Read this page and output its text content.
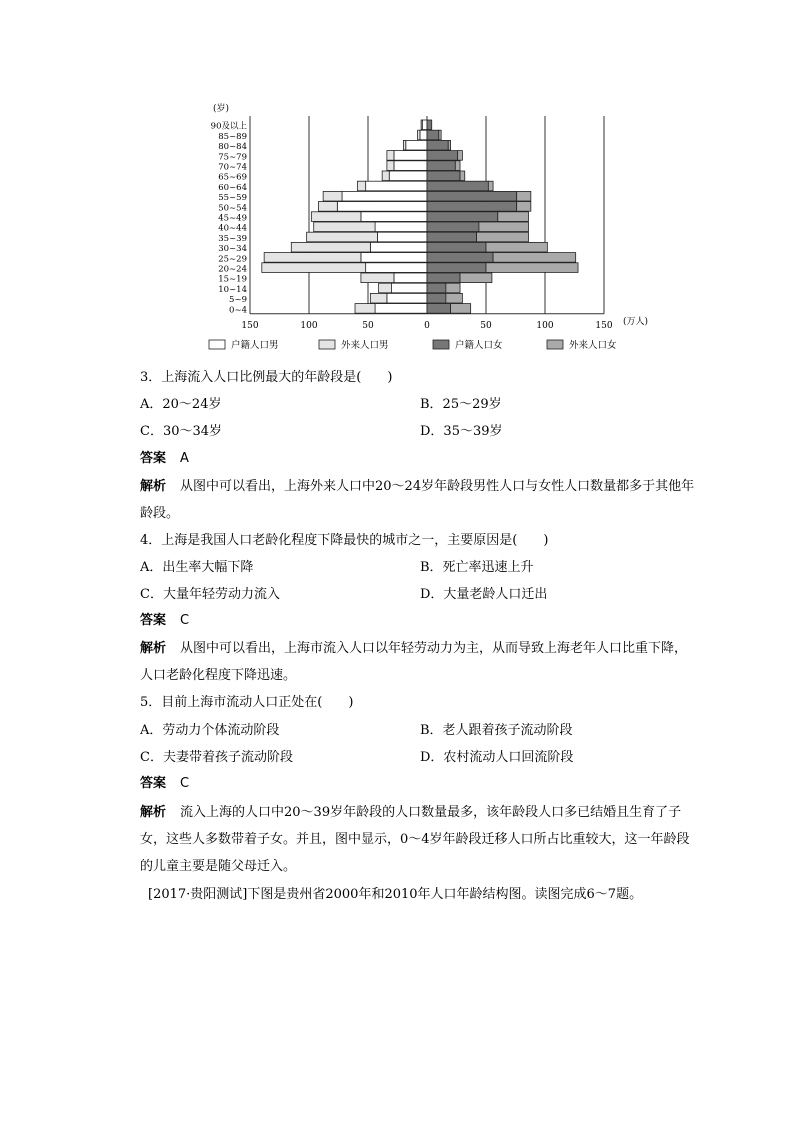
(岁)
0~4
5~9
10~14
15~19
20~24
25~29
30~34
35~39
40~44
45~49
50~54
55~59
60~64
65~69
70~74
75~79
80~84
85~89
90及以上
150	100	50	0	50	100	150 (万人)
户籍人口男	外来人口男	户籍人口女	外来人口女
3．上海流入人口比例最大的年龄段是(　　)
A．20～24岁	B．25～29岁
C．30～34岁	D．35～39岁
答案 A
解析 从图中可以看出，上海外来人口中20～24岁年龄段男性人口与女性人口数量都多于其他年龄段。
4．上海是我国人口老龄化程度下降最快的城市之一，主要原因是(　　)
A．出生率大幅下降	B．死亡率迅速上升
C．大量年轻劳动力流入	D．大量老龄人口迁出
答案 C
解析 从图中可以看出，上海市流入人口以年轻劳动力为主，从而导致上海老年人口比重下降，人口老龄化程度下降迅速。
5．目前上海市流动人口正处在(　　)
A．劳动力个体流动阶段	B．老人跟着孩子流动阶段
C．夫妻带着孩子流动阶段	D．农村流动人口回流阶段
答案 C
解析 流入上海的人口中20～39岁年龄段的人口数量最多，该年龄段人口多已结婚且生育了子女，这些人多数带着子女。并且，图中显示，0～4岁年龄段迁移人口所占比重较大，这一年龄段的儿童主要是随父母迁入。
[2017·贵阳测试]下图是贵州省2000年和2010年人口年龄结构图。读图完成6～7题。
